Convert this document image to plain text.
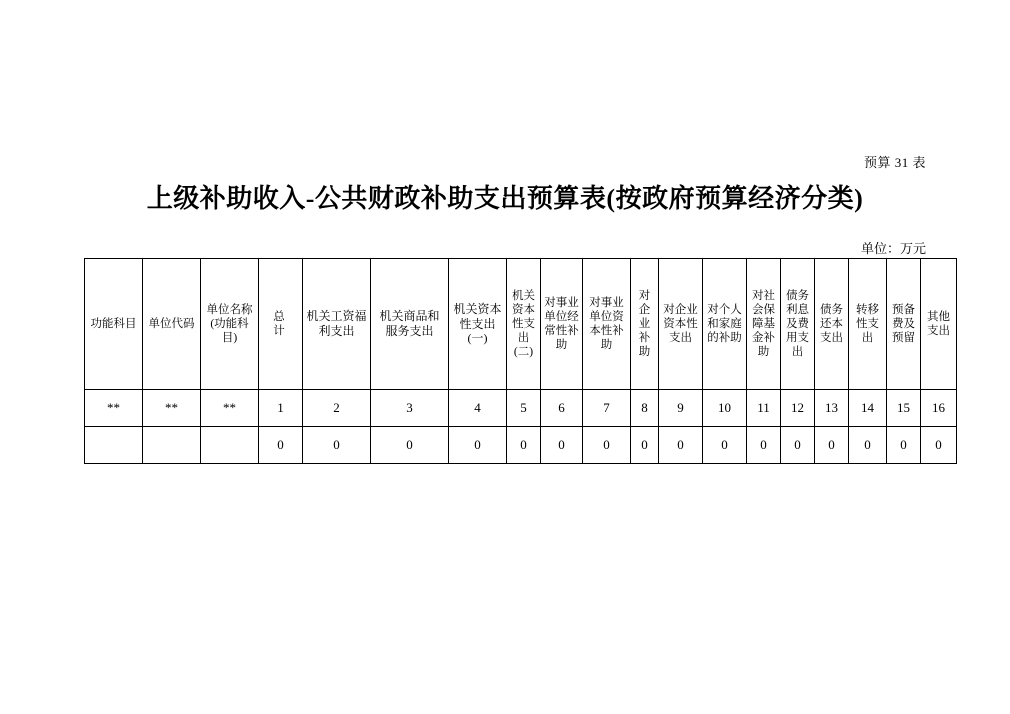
预算 31 表
上级补助收入-公共财政补助支出预算表(按政府预算经济分类)
单位：万元
功能科目	单位代码	单位名称(功能科目)	总　计	机关工资福利支出	机关商品和服务支出	机关资本性支出(一)	机关资本性支出(二)	对事业单位经常性补助	对事业单位资本性补助	对企业补助	对企业资本性支出	对个人和家庭的补助	对社会保障基金补助	债务利息及费用支出	债务还本支出	转移性支出	预备费及预留	其他支出

**	**	**	1	2	3	4	5	6	7	8	9	10	11	12	13	14	15	16
			0	0	0	0	0	0	0	0	0	0	0	0	0	0	0	0
